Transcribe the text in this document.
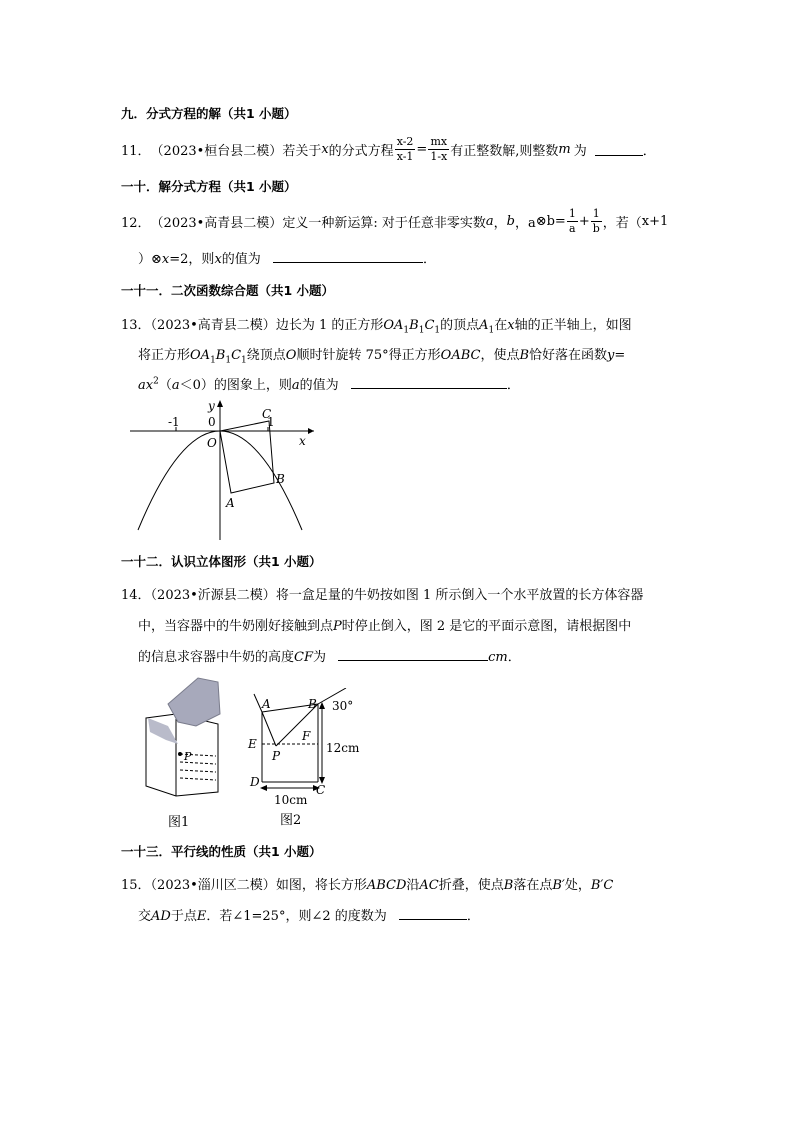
九．分式方程的解（共1 小题）
11． （2023•桓台县二模） 若关于 x 的分式方程 $\frac{x-2}{x-1} = \frac{mx}{1-x}$ 有正整数解,则整数 m 为	．
一十．解分式方程（共1 小题）
12． （2023•高青县二模） 定义一种新运算: 对于任意非零实数 a ， b ，a ⊗ $b= \frac{1}{a} + \frac{1}{b}$ ，若（ x+1
）⊗x=2，则x的值为	．
一十一．二次函数综合题（共1 小题）
13．（2023•高青县二模）边长为 1 的正方形$OA_1B_1C_1$的顶点$A_1$在x轴的正半轴上，如图
将正方形$OA_1B_1C_1$绕顶点O顺时针旋转 75°得正方形OABC，使点B恰好落在函数y=
$ax^2(a<0)$的图象上，则a的值为	．
y
x
-1 0	1
O
A
B
C
一十二．认识立体图形（共1 小题）
14．（2023•沂源县二模）将一盒足量的牛奶按如图 1 所示倒入一个水平放置的长方体容器
中，当容器中的牛奶刚好接触到点P时停止倒入，图 2 是它的平面示意图，请根据图中
的信息求容器中牛奶的高度CF为	cm．
P
图1
A	B 30°
E
F
P
12cm
D
C
10cm
图2
一十三．平行线的性质（共1 小题）
15．（2023•淄川区二模）如图，将长方形ABCD沿AC折叠，使点B落在点B′处，B′C
交AD于点E．若∠1=25°，则∠2 的度数为	．
